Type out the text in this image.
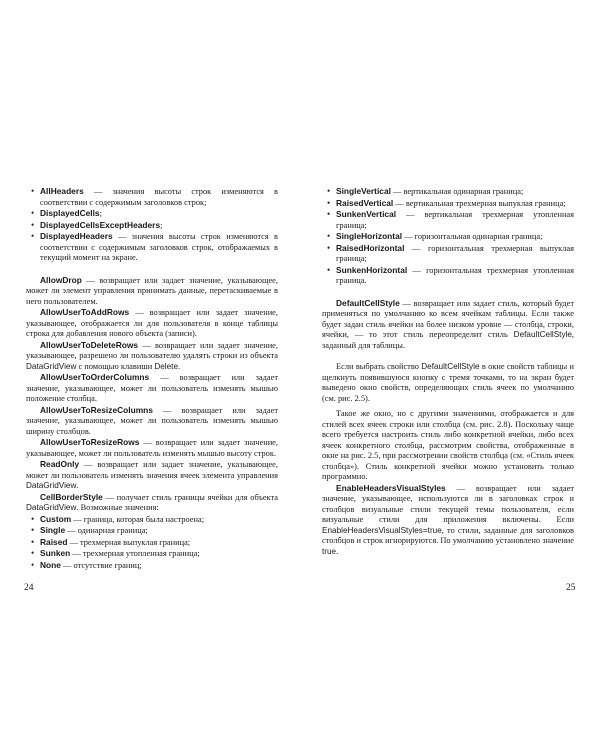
• AllHeaders — значения высоты строк изменяются в соответствии с содержимым заголовков строк;
• DisplayedCells;
• DisplayedCellsExceptHeaders;
• DisplayedHeaders — значения высоты строк изменяются в соответствии с содержимым заголовков строк, отображаемых в текущий момент на экране.

AllowDrop — возвращает или задает значение, указывающее, может ли элемент управления принимать данные, перетаскиваемые в него пользователем.

AllowUserToAddRows — возвращает или задает значение, указывающее, отображается ли для пользователя в конце таблицы строка для добавления нового объекта (записи).

AllowUserToDeleteRows — возвращает или задает значение, указывающее, разрешено ли пользователю удалять строки из объекта DataGridView с помощью клавиши Delete.

AllowUserToOrderColumns — возвращает или задает значение, указывающее, может ли пользователь изменять мышью положение столбца.

AllowUserToResizeColumns — возвращает или задает значение, указывающее, может ли пользователь изменять мышью ширину столбцов.

AllowUserToResizeRows — возвращает или задает значение, указывающее, может ли пользователь изменять мышью высоту строк.

ReadOnly — возвращает или задает значение, указывающее, может ли пользователь изменять значения ячеек элемента управления DataGridView.

CellBorderStyle — получает стиль границы ячейки для объекта DataGridView. Возможные значения:

• Custom — граница, которая была настроена;
• Single — одинарная граница;
• Raised — трехмерная выпуклая граница;
• Sunken — трехмерная утопленная граница;
• None — отсутствие границ;
24
• SingleVertical — вертикальная одинарная граница;
• RaisedVertical — вертикальная трехмерная выпуклая граница;
• SunkenVertical — вертикальная трехмерная утопленная граница;
• SingleHorizontal — горизонтальная одинарная граница;
• RaisedHorizontal — горизонтальная трехмерная выпуклая граница;
• SunkenHorizontal — горизонтальная трехмерная утопленная граница.

DefaultCellStyle — возвращает или задает стиль, который будет применяться по умолчанию ко всем ячейкам таблицы. Если также будет задан стиль ячейки на более низком уровне — столбца, строки, ячейки, — то этот стиль переопределит стиль DefaultCellStyle, заданный для таблицы.

Если выбрать свойство DefaultCellStyle в окне свойств таблицы и щелкнуть появившуюся кнопку с тремя точками, то на экран будет выведено окно свойств, определяющих стиль ячеек по умолчанию (см. рис. 2.5).

Такое же окно, но с другими значениями, отображается и для стилей всех ячеек строки или столбца (см. рис. 2.8). Поскольку чаще всего требуется настроить стиль либо конкретной ячейки, либо всех ячеек конкретного столбца, рассмотрим свойства, отображенные в окне на рис. 2.5, при рассмотрении свойств столбца (см. «Стиль ячеек столбца»). Стиль конкретной ячейки можно установить только программно.

EnableHeadersVisualStyles — возвращает или задает значение, указывающее, используются ли в заголовках строк и столбцов визуальные стили текущей темы пользователя, если визуальные стили для приложения включены. Если EnableHeadersVisualStyles=true, то стили, заданные для заголовков столбцов и строк игнорируются. По умолчанию установлено значение true.

25
